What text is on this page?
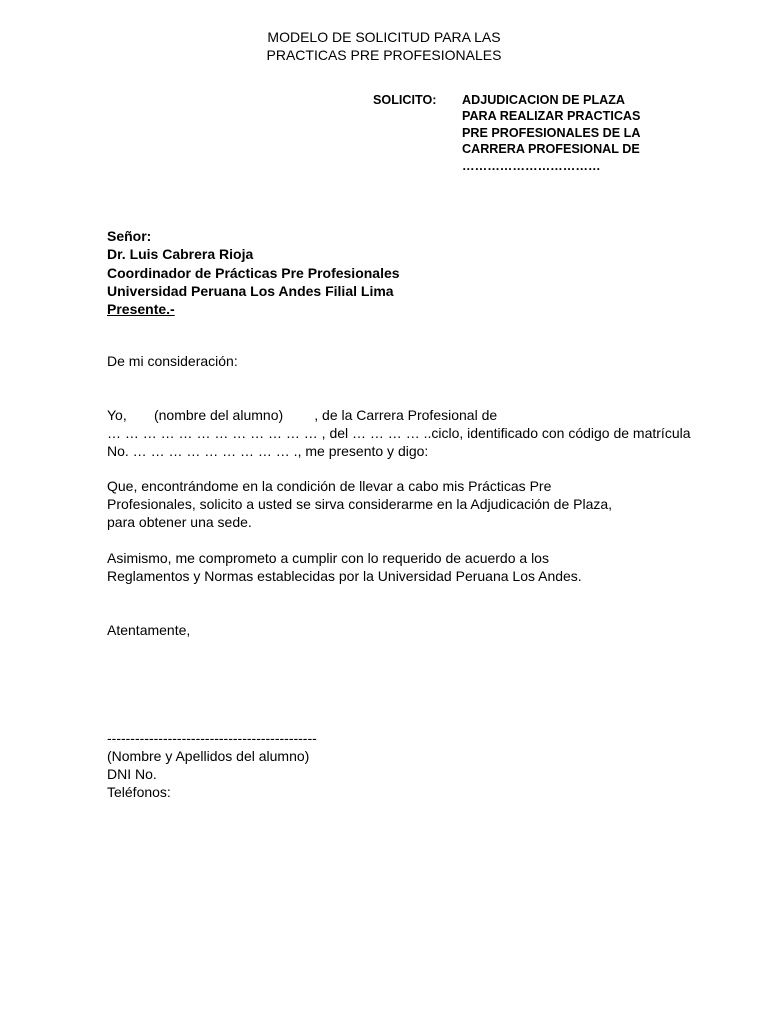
MODELO DE SOLICITUD PARA LAS
PRACTICAS PRE PROFESIONALES
SOLICITO: ADJUDICACION DE PLAZA
PARA REALIZAR PRACTICAS
PRE PROFESIONALES DE LA
CARRERA PROFESIONAL DE
……………………………
Señor:
Dr. Luis Cabrera Rioja
Coordinador de Prácticas Pre Profesionales
Universidad Peruana Los Andes Filial Lima
Presente.-
De mi consideración:
Yo, (nombre del alumno) , de la Carrera Profesional de
… … … … … … … … … … … … , del … … … … ..ciclo, identificado con código de matrícula
No. … … … … … … … … … ., me presento y digo:
Que, encontrándome en la condición de llevar a cabo mis Prácticas Pre
Profesionales, solicito a usted se sirva considerarme en la Adjudicación de Plaza,
para obtener una sede.
Asimismo, me comprometo a cumplir con lo requerido de acuerdo a los
Reglamentos y Normas establecidas por la Universidad Peruana Los Andes.
Atentamente,
---------------------------------------------
(Nombre y Apellidos del alumno)
DNI No.
Teléfonos:
